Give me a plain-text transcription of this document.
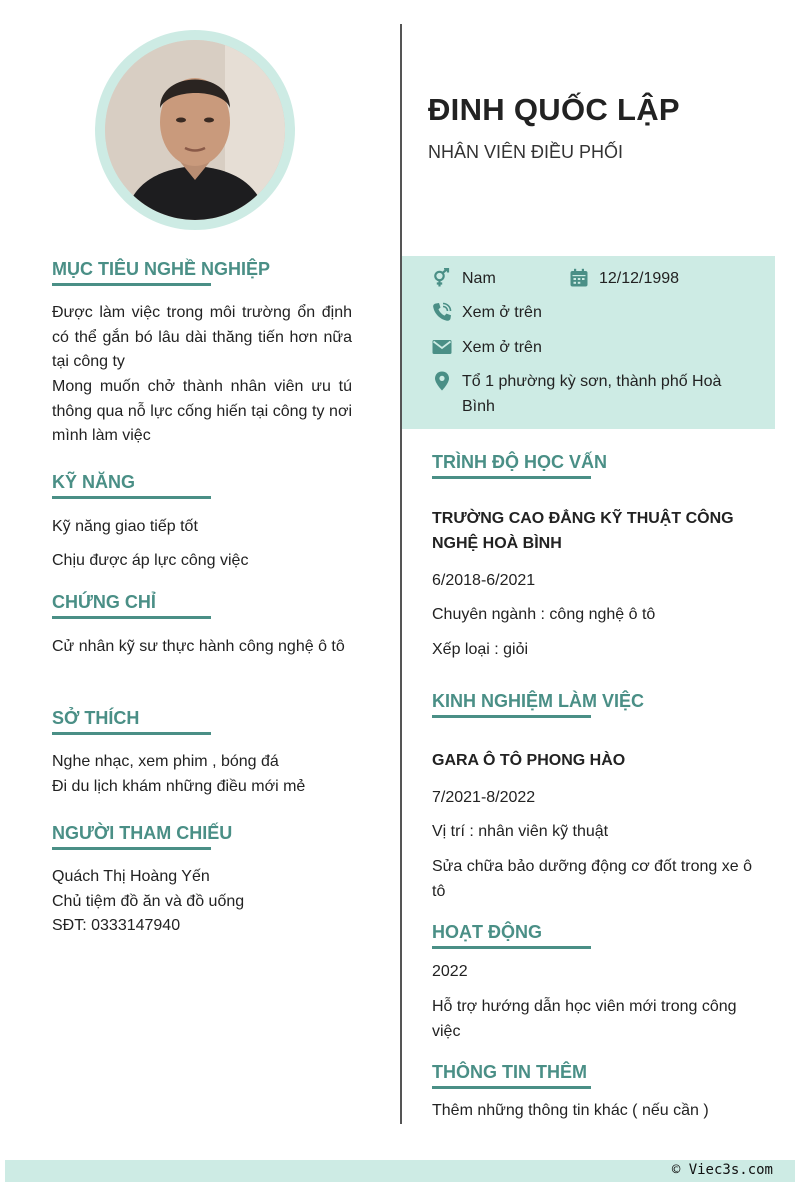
ĐINH QUỐC LẬP
NHÂN VIÊN ĐIỀU PHỐI
Nam	12/12/1998
Xem ở trên
Xem ở trên
Tổ 1 phường kỳ sơn, thành phố Hoà Bình
MỤC TIÊU NGHỀ NGHIỆP
Được làm việc trong môi trường ổn định có thể gắn bó lâu dài thăng tiến hơn nữa tại công ty
Mong muốn chở thành nhân viên ưu tú thông qua nỗ lực cống hiến tại công ty nơi mình làm việc
KỸ NĂNG
Kỹ năng giao tiếp tốt
Chịu được áp lực công việc
CHỨNG CHỈ
Cử nhân kỹ sư thực hành công nghệ ô tô
SỞ THÍCH
Nghe nhạc, xem phim , bóng đá
Đi du lịch khám những điều mới mẻ
NGƯỜI THAM CHIẾU
Quách Thị Hoàng Yến
Chủ tiệm đồ ăn và đồ uống
SĐT: 0333147940
TRÌNH ĐỘ HỌC VẤN
TRƯỜNG CAO ĐẲNG KỸ THUẬT CÔNG NGHỆ HOÀ BÌNH
6/2018-6/2021
Chuyên ngành : công nghệ ô tô
Xếp loại : giỏi
KINH NGHIỆM LÀM VIỆC
GARA Ô TÔ PHONG HÀO
7/2021-8/2022
Vị trí : nhân viên kỹ thuật
Sửa chữa bảo dưỡng động cơ đốt trong xe ô tô
HOẠT ĐỘNG
2022
Hỗ trợ hướng dẫn học viên mới trong công việc
THÔNG TIN THÊM
Thêm những thông tin khác ( nếu cần )
© Viec3s.com
